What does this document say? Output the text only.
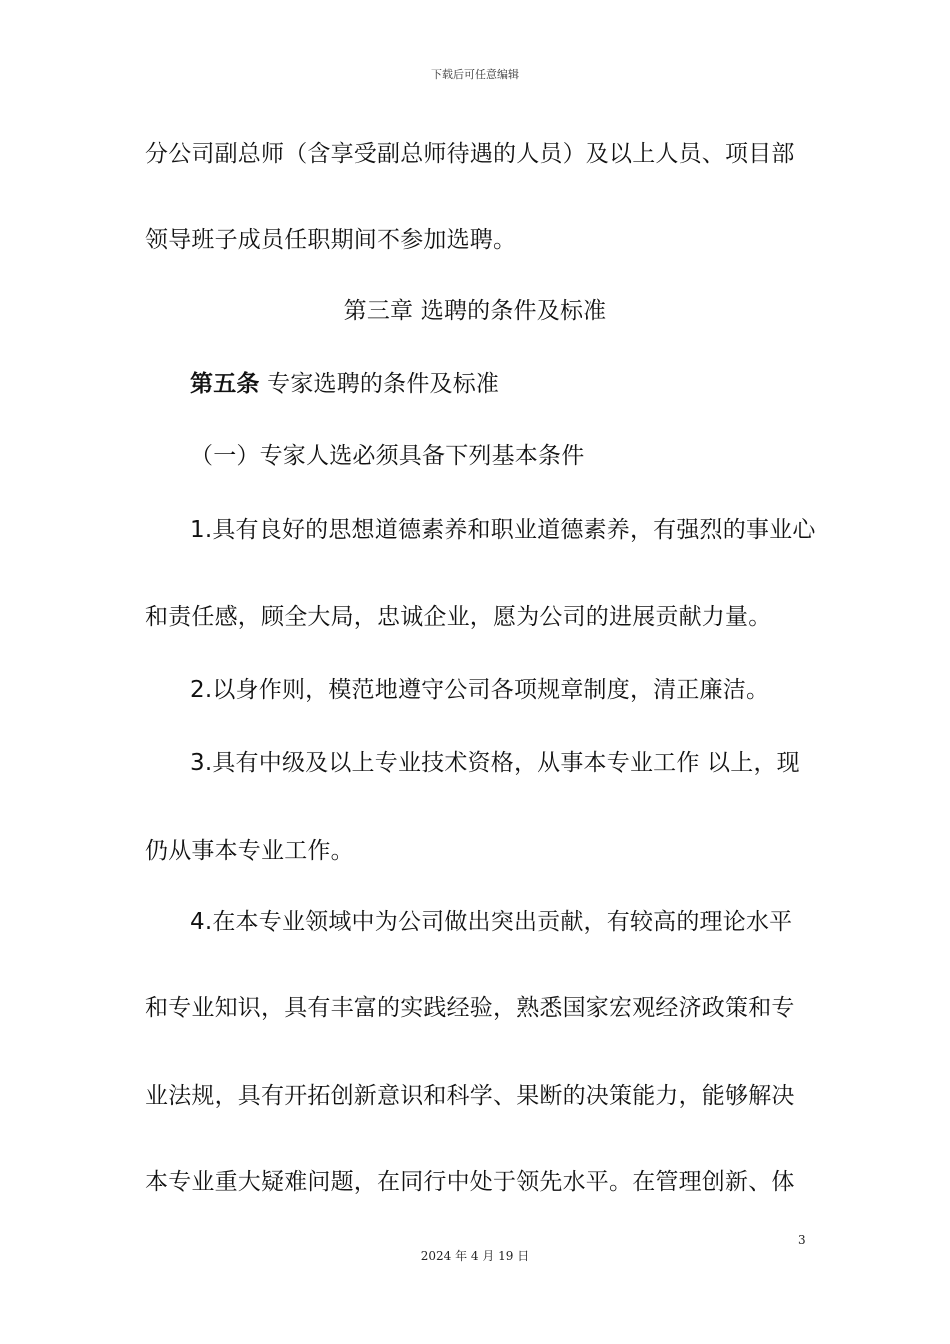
下载后可任意编辑
分公司副总师（含享受副总师待遇的人员）及以上人员、项目部
领导班子成员任职期间不参加选聘。
第三章 选聘的条件及标准
第五条 专家选聘的条件及标准
（一）专家人选必须具备下列基本条件
1.具有良好的思想道德素养和职业道德素养，有强烈的事业心
和责任感，顾全大局，忠诚企业，愿为公司的进展贡献力量。
2.以身作则，模范地遵守公司各项规章制度，清正廉洁。
3.具有中级及以上专业技术资格，从事本专业工作 以上，现
仍从事本专业工作。
4.在本专业领域中为公司做出突出贡献，有较高的理论水平
和专业知识，具有丰富的实践经验，熟悉国家宏观经济政策和专
业法规，具有开拓创新意识和科学、果断的决策能力，能够解决
本专业重大疑难问题，在同行中处于领先水平。在管理创新、体
3
2024 年 4 月 19 日
